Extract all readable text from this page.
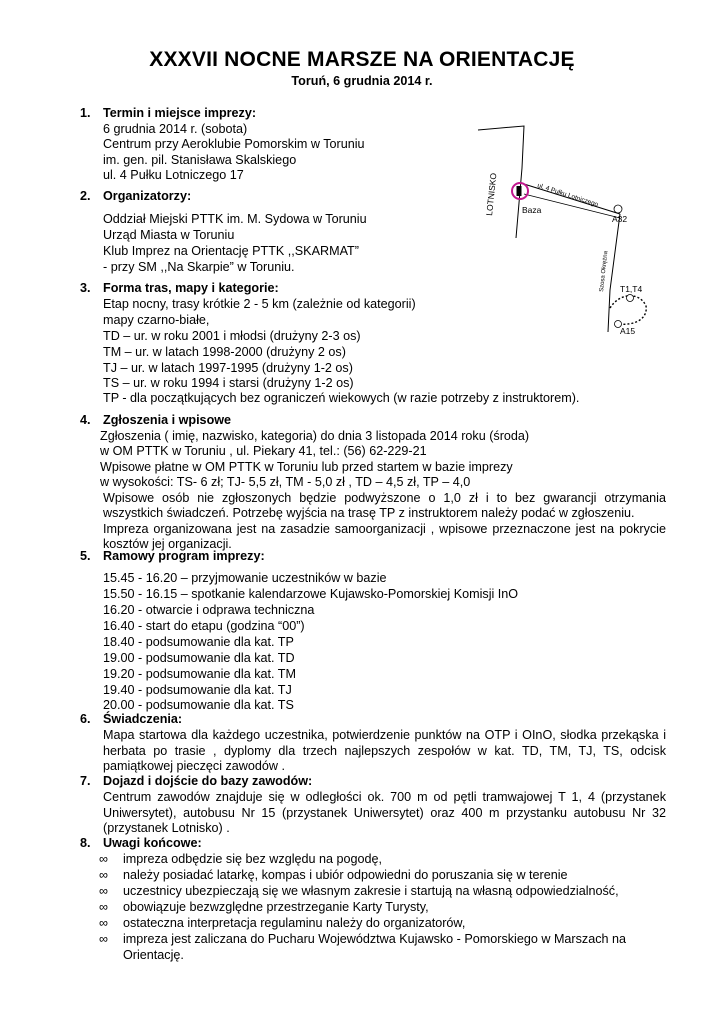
XXXVII NOCNE MARSZE NA ORIENTACJĘ
Toruń, 6 grudnia 2014 r.
1. Termin i miejsce imprezy:
6 grudnia 2014 r. (sobota)
Centrum przy Aeroklubie Pomorskim w Toruniu
im. gen. pil. Stanisława Skalskiego
ul. 4 Pułku Lotniczego 17
2. Organizatorzy:
Oddział Miejski PTTK im. M. Sydowa w Toruniu
Urząd Miasta w Toruniu
Klub Imprez na Orientację PTTK ,,SKARMAT”
- przy SM ,,Na Skarpie” w Toruniu.
3. Forma tras, mapy i kategorie:
Etap nocny, trasy krótkie 2 - 5 km (zależnie od kategorii)
mapy czarno-białe,
TD – ur. w roku 2001 i młodsi (drużyny 2-3 os)
TM – ur. w latach 1998-2000 (drużyny 2 os)
TJ – ur. w latach 1997-1995 (drużyny 1-2 os)
TS – ur. w roku 1994 i starsi (drużyny 1-2 os)
TP - dla początkujących bez ograniczeń wiekowych (w razie potrzeby z instruktorem).
4. Zgłoszenia i wpisowe
Zgłoszenia ( imię, nazwisko, kategoria) do dnia 3 listopada 2014 roku (środa)
w OM PTTK w Toruniu , ul. Piekary 41, tel.: (56) 62-229-21
Wpisowe płatne w OM PTTK w Toruniu lub przed startem w bazie imprezy
w wysokości: TS- 6 zł; TJ- 5,5 zł, TM - 5,0 zł , TD – 4,5 zł, TP – 4,0
Wpisowe osób nie zgłoszonych będzie podwyższone o 1,0 zł i to bez gwarancji otrzymania wszystkich świadczeń. Potrzebę wyjścia na trasę TP z instruktorem należy podać w zgłoszeniu.
Impreza organizowana jest na zasadzie samoorganizacji , wpisowe przeznaczone jest na pokrycie kosztów jej organizacji.
5. Ramowy program imprezy:
15.45 - 16.20 – przyjmowanie uczestników w bazie
15.50 - 16.15 – spotkanie kalendarzowe Kujawsko-Pomorskiej Komisji InO
16.20 - otwarcie i odprawa techniczna
16.40 - start do etapu (godzina “00”)
18.40 - podsumowanie dla kat. TP
19.00 - podsumowanie dla kat. TD
19.20 - podsumowanie dla kat. TM
19.40 - podsumowanie dla kat. TJ
20.00 - podsumowanie dla kat. TS
6. Świadczenia:
Mapa startowa dla każdego uczestnika, potwierdzenie punktów na OTP i OInO, słodka przekąska i herbata po trasie , dyplomy dla trzech najlepszych zespołów w kat. TD, TM, TJ, TS, odcisk pamiątkowej pieczęci zawodów .
7. Dojazd i dojście do bazy zawodów:
Centrum zawodów znajduje się w odległości ok. 700 m od pętli tramwajowej T 1, 4 (przystanek Uniwersytet), autobusu Nr 15 (przystanek Uniwersytet) oraz 400 m przystanku autobusu Nr 32 (przystanek Lotnisko) .
8. Uwagi końcowe:
∞ impreza odbędzie się bez względu na pogodę,
∞ należy posiadać latarkę, kompas i ubiór odpowiedni do poruszania się w terenie
∞ uczestnicy ubezpieczają się we własnym zakresie i startują na własną odpowiedzialność,
∞ obowiązuje bezwzględne przestrzeganie Karty Turysty,
∞ ostateczna interpretacja regulaminu należy do organizatorów,
∞ impreza jest zaliczana do Pucharu Województwa Kujawsko - Pomorskiego w Marszach na Orientację.
LOTNISKO	ul. 4 Pułku Lotniczego
Baza
A32
Szosa Okrężna T1,T4
A15
